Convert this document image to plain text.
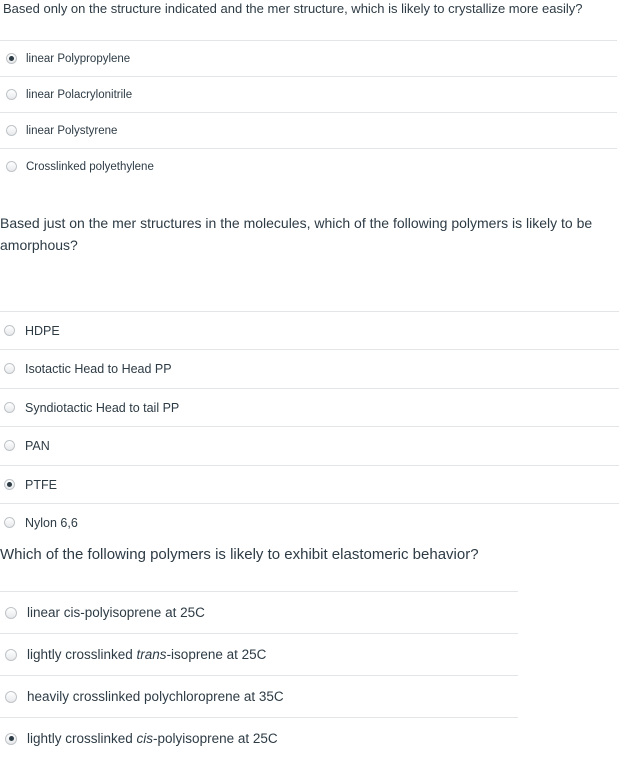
Based only on the structure indicated and the mer structure, which is likely to crystallize more easily?
linear Polypropylene
linear Polacrylonitrile
linear Polystyrene
Crosslinked polyethylene
Based just on the mer structures in the molecules, which of the following polymers is likely to be
amorphous?
HDPE
Isotactic Head to Head PP
Syndiotactic Head to tail PP
PAN
PTFE
Nylon 6,6
Which of the following polymers is likely to exhibit elastomeric behavior?
linear cis-polyisoprene at 25C
lightly crosslinked trans-isoprene at 25C
heavily crosslinked polychloroprene at 35C
lightly crosslinked cis-polyisoprene at 25C
